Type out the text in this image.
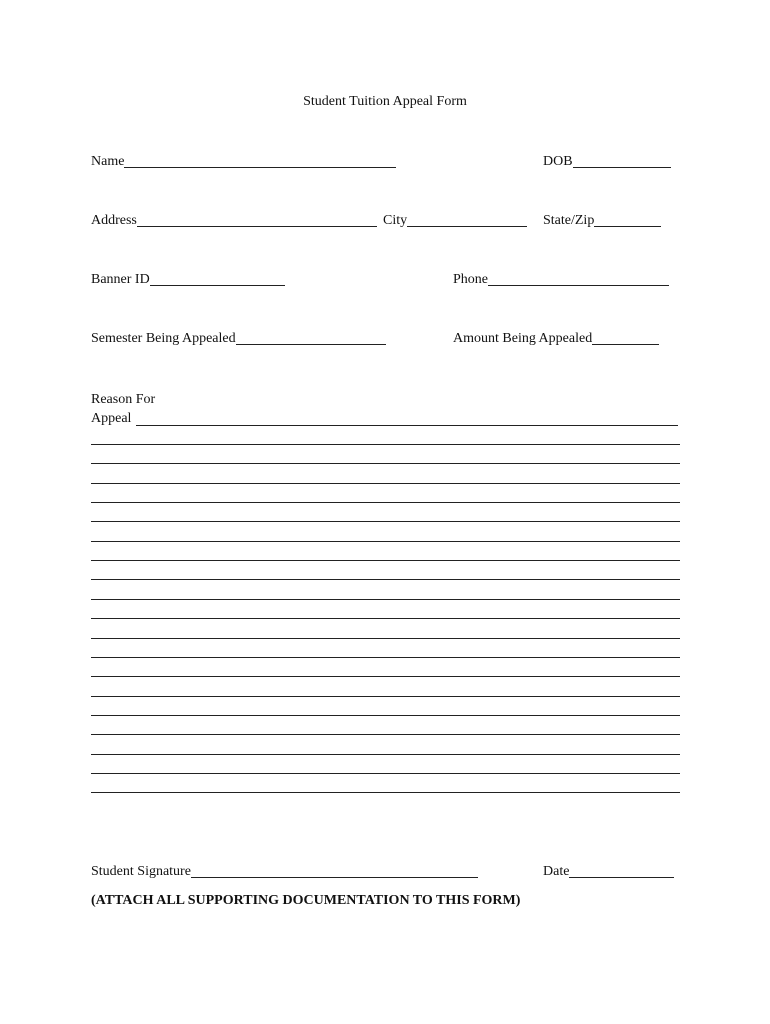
Student Tuition Appeal Form
Name	DOB
Address	City	State/Zip
Banner ID	Phone
Semester Being Appealed	Amount Being Appealed
Reason For
Appeal
Student Signature	Date
(ATTACH ALL SUPPORTING DOCUMENTATION TO THIS FORM)
